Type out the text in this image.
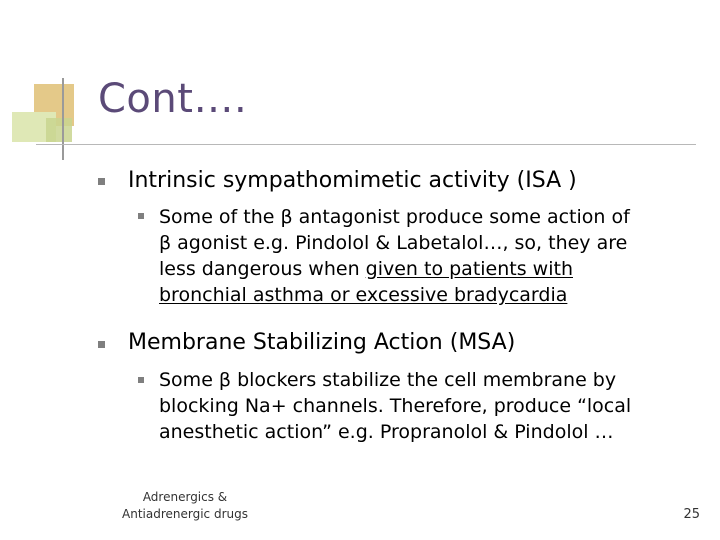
Cont….
Intrinsic sympathomimetic activity (ISA )
Some of the β antagonist produce some action of
β agonist e.g. Pindolol & Labetalol…, so, they are
less dangerous when given to patients with
bronchial asthma or excessive bradycardia
Membrane Stabilizing Action (MSA)
Some β blockers stabilize the cell membrane by
blocking Na+ channels. Therefore, produce “local
anesthetic action” e.g. Propranolol & Pindolol …
Adrenergics &
Antiadrenergic drugs	25
